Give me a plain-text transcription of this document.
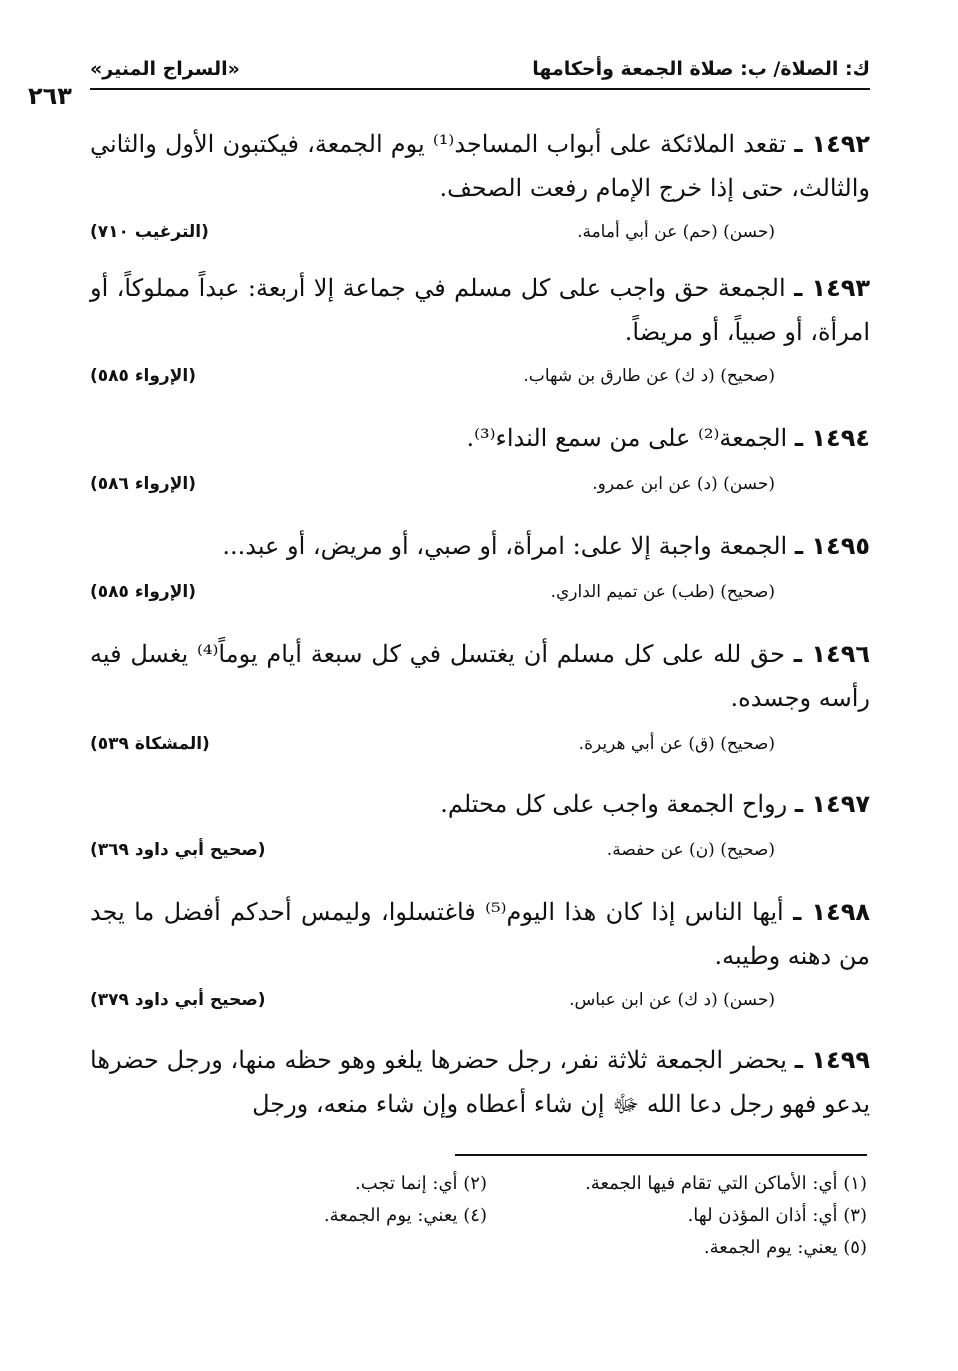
ك: الصلاة/ ب: صلاة الجمعة وأحكامها
«السراج المنير»
٢٦٣
١٤٩٢ ـ تقعد الملائكة على أبواب المساجد⁽¹⁾ يوم الجمعة، فيكتبون الأول والثاني والثالث، حتى إذا خرج الإمام رفعت الصحف.
(حسن) (حم) عن أبي أمامة.
(الترغيب ٧١٠)
١٤٩٣ ـ الجمعة حق واجب على كل مسلم في جماعة إلا أربعة: عبداً مملوكاً، أو امرأة، أو صبياً، أو مريضاً.
(صحيح) (د ك) عن طارق بن شهاب.
(الإرواء ٥٨٥)
١٤٩٤ ـ الجمعة⁽²⁾ على من سمع النداء⁽³⁾.
(حسن) (د) عن ابن عمرو.
(الإرواء ٥٨٦)
١٤٩٥ ـ الجمعة واجبة إلا على: امرأة، أو صبي، أو مريض، أو عبد...
(صحيح) (طب) عن تميم الداري.
(الإرواء ٥٨٥)
١٤٩٦ ـ حق لله على كل مسلم أن يغتسل في كل سبعة أيام يوماً⁽⁴⁾ يغسل فيه رأسه وجسده.
(صحيح) (ق) عن أبي هريرة.
(المشكاة ٥٣٩)
١٤٩٧ ـ رواح الجمعة واجب على كل محتلم.
(صحيح) (ن) عن حفصة.
(صحيح أبي داود ٣٦٩)
١٤٩٨ ـ أيها الناس إذا كان هذا اليوم⁽⁵⁾ فاغتسلوا، وليمس أحدكم أفضل ما يجد من دهنه وطيبه.
(حسن) (د ك) عن ابن عباس.
(صحيح أبي داود ٣٧٩)
١٤٩٩ ـ يحضر الجمعة ثلاثة نفر، رجل حضرها يلغو وهو حظه منها، ورجل حضرها يدعو فهو رجل دعا الله ﷻ إن شاء أعطاه وإن شاء منعه، ورجل
(١) أي: الأماكن التي تقام فيها الجمعة.
(٢) أي: إنما تجب.
(٣) أي: أذان المؤذن لها.
(٤) يعني: يوم الجمعة.
(٥) يعني: يوم الجمعة.
